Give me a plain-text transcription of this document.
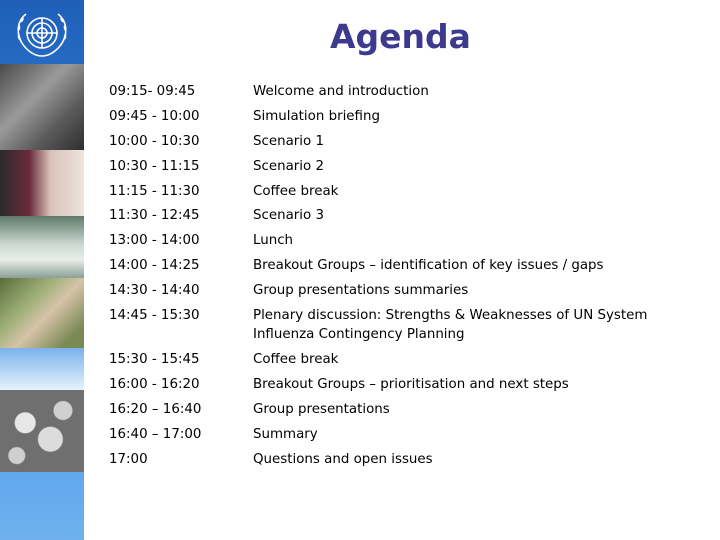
Agenda
09:15- 09:45	Welcome and introduction
09:45 - 10:00	Simulation briefing
10:00 - 10:30	Scenario 1
10:30 - 11:15	Scenario 2
11:15 - 11:30	Coffee break
11:30 - 12:45	Scenario 3
13:00 - 14:00	Lunch
14:00 - 14:25	Breakout Groups – identification of key issues / gaps
14:30 - 14:40	Group presentations summaries
14:45 - 15:30	Plenary discussion: Strengths & Weaknesses of UN System Influenza Contingency Planning
15:30 - 15:45	Coffee break
16:00 - 16:20	Breakout Groups – prioritisation and next steps
16:20 – 16:40	Group presentations
16:40 – 17:00	Summary
17:00	Questions and open issues
